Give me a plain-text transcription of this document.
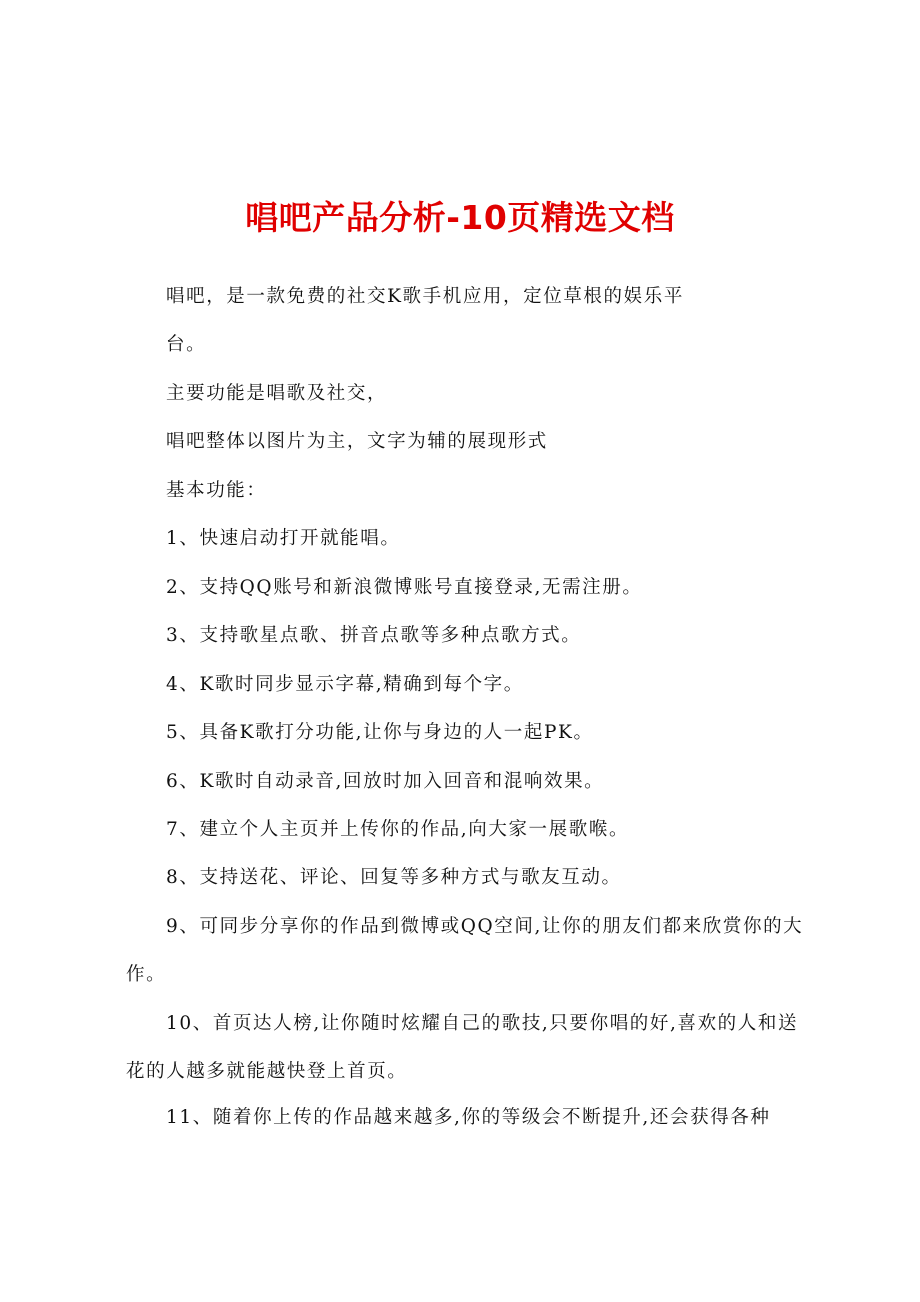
唱吧产品分析-10页精选文档
唱吧，是一款免费的社交K歌手机应用，定位草根的娱乐平
台。
主要功能是唱歌及社交，
唱吧整体以图片为主，文字为辅的展现形式
基本功能：
1、快速启动打开就能唱。
2、支持QQ账号和新浪微博账号直接登录,无需注册。
3、支持歌星点歌、拼音点歌等多种点歌方式。
4、K歌时同步显示字幕,精确到每个字。
5、具备K歌打分功能,让你与身边的人一起PK。
6、K歌时自动录音,回放时加入回音和混响效果。
7、建立个人主页并上传你的作品,向大家一展歌喉。
8、支持送花、评论、回复等多种方式与歌友互动。
9、可同步分享你的作品到微博或QQ空间,让你的朋友们都来欣赏你的大作。
10、首页达人榜,让你随时炫耀自己的歌技,只要你唱的好,喜欢的人和送花的人越多就能越快登上首页。
11、随着你上传的作品越来越多,你的等级会不断提升,还会获得各种
